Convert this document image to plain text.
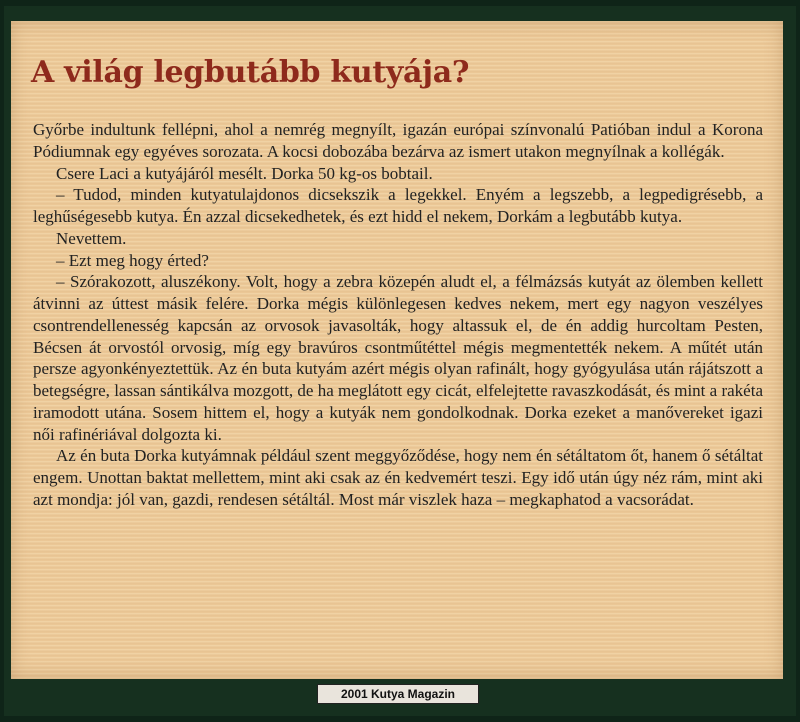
A világ legbutább kutyája?

Győrbe indultunk fellépni, ahol a nemrég megnyílt, igazán európai színvonalú Patióban indul a Korona Pódiumnak egy egyéves sorozata. A kocsi dobozába bezárva az ismert utakon megnyílnak a kollégák.

Csere Laci a kutyájáról mesélt. Dorka 50 kg-os bobtail.

– Tudod, minden kutyatulajdonos dicsekszik a legekkel. Enyém a legszebb, a legpedigrésebb, a leghűségesebb kutya. Én azzal dicsekedhetek, és ezt hidd el nekem, Dorkám a legbutább kutya.

Nevettem.

– Ezt meg hogy érted?

– Szórakozott, aluszékony. Volt, hogy a zebra közepén aludt el, a félmázsás kutyát az ölemben kellett átvinni az úttest másik felére. Dorka mégis különlegesen kedves nekem, mert egy nagyon veszélyes csontrendellenesség kapcsán az orvosok javasolták, hogy altassuk el, de én addig hurcoltam Pesten, Bécsen át orvostól orvosig, míg egy bravúros csontműtéttel mégis megmentették nekem. A műtét után persze agyonkényeztettük. Az én buta kutyám azért mégis olyan rafinált, hogy gyógyulása után rájátszott a betegségre, lassan sántikálva mozgott, de ha meglátott egy cicát, elfelejtette ravaszkodását, és mint a rakéta iramodott utána. Sosem hittem el, hogy a kutyák nem gondolkodnak. Dorka ezeket a manővereket igazi női rafinériával dolgozta ki.

Az én buta Dorka kutyámnak például szent meggyőződése, hogy nem én sétáltatom őt, hanem ő sétáltat engem. Unottan baktat mellettem, mint aki csak az én kedvemért teszi. Egy idő után úgy néz rám, mint aki azt mondja: jól van, gazdi, rendesen sétáltál. Most már viszlek haza – megkaphatod a vacsorádat.

2001 Kutya Magazin
